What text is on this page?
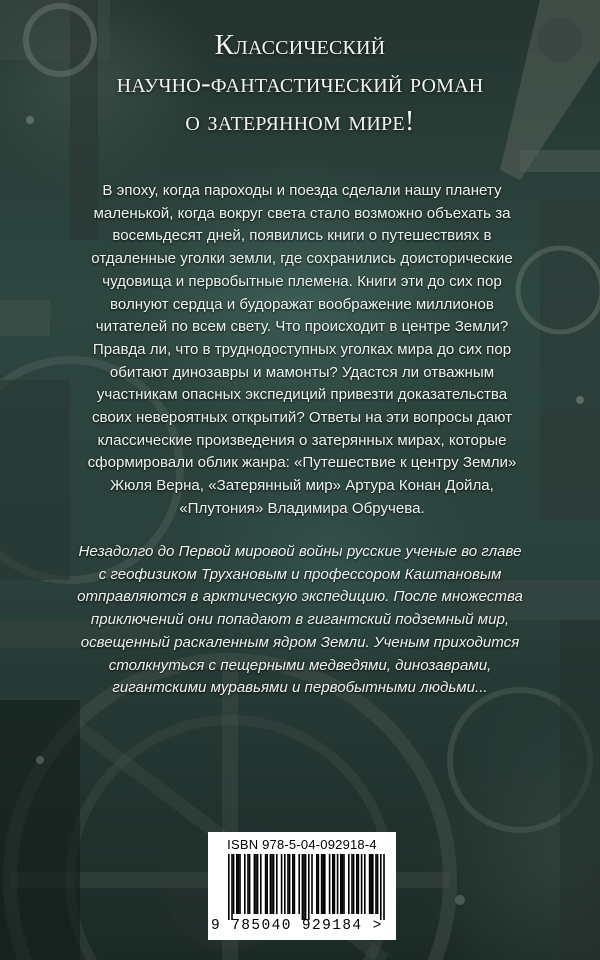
Классический
научно-фантастический роман
о затерянном мире!
В эпоху, когда пароходы и поезда сделали нашу планету
маленькой, когда вокруг света стало возможно объехать за
восемьдесят дней, появились книги о путешествиях в
отдаленные уголки земли, где сохранились доисторические
чудовища и первобытные племена. Книги эти до сих пор
волнуют сердца и будоражат воображение миллионов
читателей по всем свету. Что происходит в центре Земли?
Правда ли, что в труднодоступных уголках мира до сих пор
обитают динозавры и мамонты? Удастся ли отважным
участникам опасных экспедиций привезти доказательства
своих невероятных открытий? Ответы на эти вопросы дают
классические произведения о затерянных мирах, которые
сформировали облик жанра: «Путешествие к центру Земли»
Жюля Верна, «Затерянный мир» Артура Конан Дойла,
«Плутония» Владимира Обручева.
Незадолго до Первой мировой войны русские ученые во главе
с геофизиком Трухановым и профессором Каштановым
отправляются в арктическую экспедицию. После множества
приключений они попадают в гигантский подземный мир,
освещенный раскаленным ядром Земли. Ученым приходится
столкнуться с пещерными медведями, динозаврами,
гигантскими муравьями и первобытными людьми...
ISBN 978-5-04-092918-4
9 785040 929184 >
